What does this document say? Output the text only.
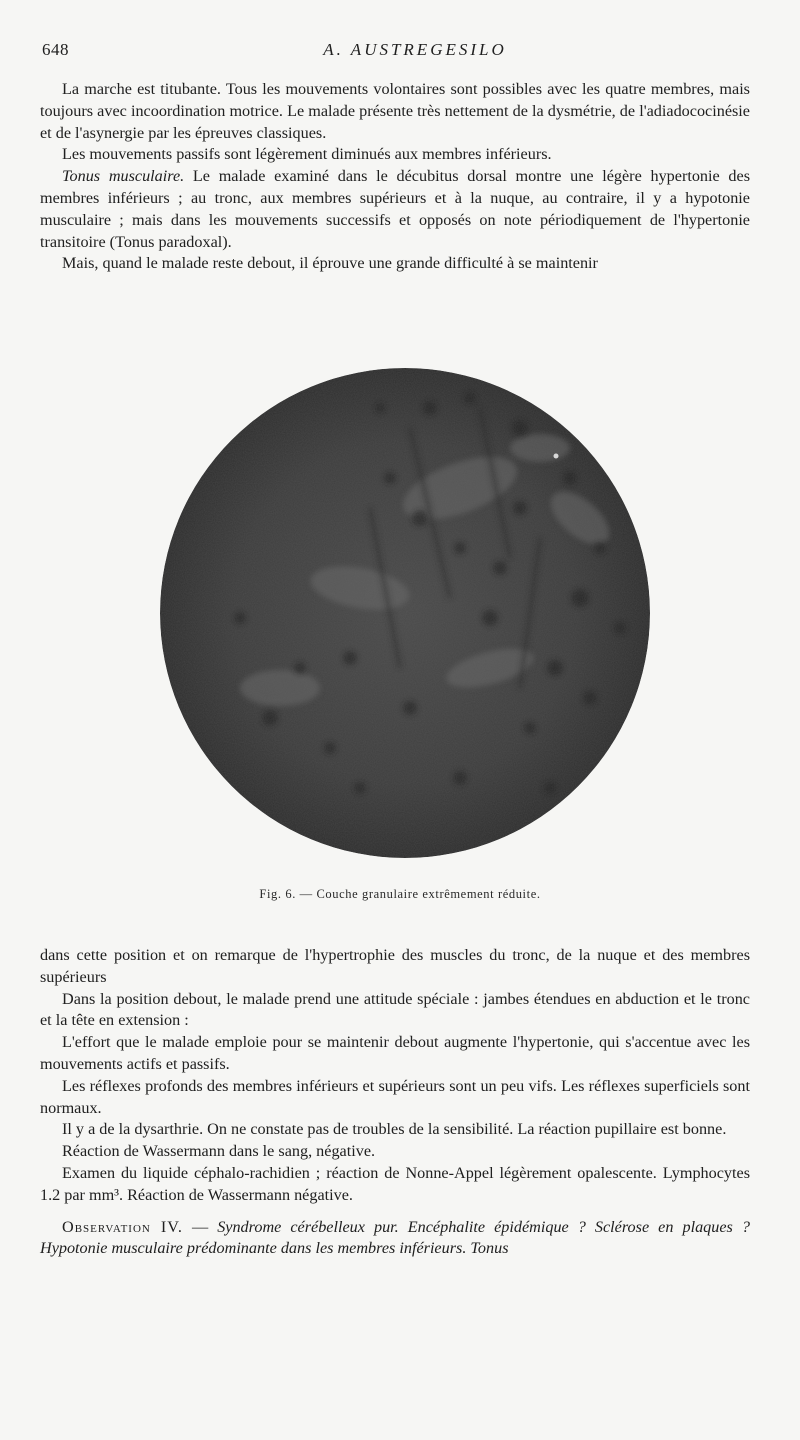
648	A. AUSTREGESILO

La marche est titubante. Tous les mouvements volontaires sont possibles avec les quatre membres, mais toujours avec incoordination motrice. Le malade présente très nettement de la dysmétrie, de l'adiadococinésie et de l'asynergie par les épreuves classiques.

Les mouvements passifs sont légèrement diminués aux membres inférieurs.

Tonus musculaire. Le malade examiné dans le décubitus dorsal montre une légère hypertonie des membres inférieurs ; au tronc, aux membres supérieurs et à la nuque, au contraire, il y a hypotonie musculaire ; mais dans les mouvements successifs et opposés on note périodiquement de l'hypertonie transitoire (Tonus paradoxal).

Mais, quand le malade reste debout, il éprouve une grande difficulté à se maintenir

Fig. 6. — Couche granulaire extrêmement réduite.

dans cette position et on remarque de l'hypertrophie des muscles du tronc, de la nuque et des membres supérieurs

Dans la position debout, le malade prend une attitude spéciale : jambes étendues en abduction et le tronc et la tête en extension :

L'effort que le malade emploie pour se maintenir debout augmente l'hypertonie, qui s'accentue avec les mouvements actifs et passifs.

Les réflexes profonds des membres inférieurs et supérieurs sont un peu vifs. Les réflexes superficiels sont normaux.

Il y a de la dysarthrie. On ne constate pas de troubles de la sensibilité. La réaction pupillaire est bonne.

Réaction de Wassermann dans le sang, négative.

Examen du liquide céphalo-rachidien ; réaction de Nonne-Appel légèrement opalescente. Lymphocytes 1.2 par mm³. Réaction de Wassermann négative.

Observation IV. — Syndrome cérébelleux pur. Encéphalite épidémique ? Sclérose en plaques ? Hypotonie musculaire prédominante dans les membres inférieurs. Tonus
